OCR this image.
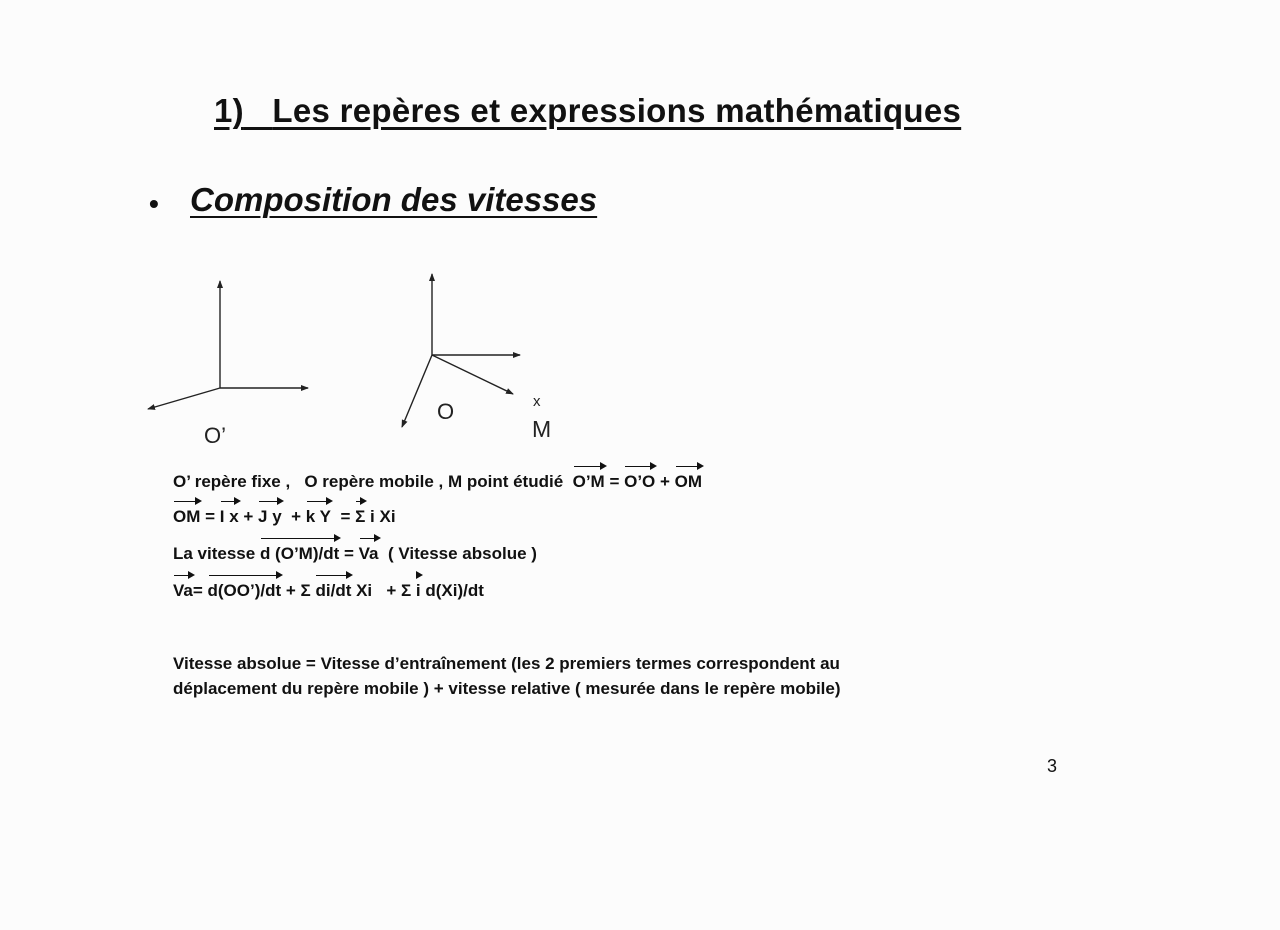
1) Les repères et expressions mathématiques
• Composition des vitesses
O’
O	x
M
O’ repère fixe ,   O repère mobile , M point étudié  O’M = O’O + OM
OM = I x + J y  + k Y  = Σ i Xi
La vitesse d (O’M)/dt = Va  ( Vitesse absolue )
Va= d(OO’)/dt + Σ di/dt Xi   + Σ i d(Xi)/dt
Vitesse absolue = Vitesse d’entraînement (les 2 premiers termes correspondent au
déplacement du repère mobile ) + vitesse relative ( mesurée dans le repère mobile)
3
